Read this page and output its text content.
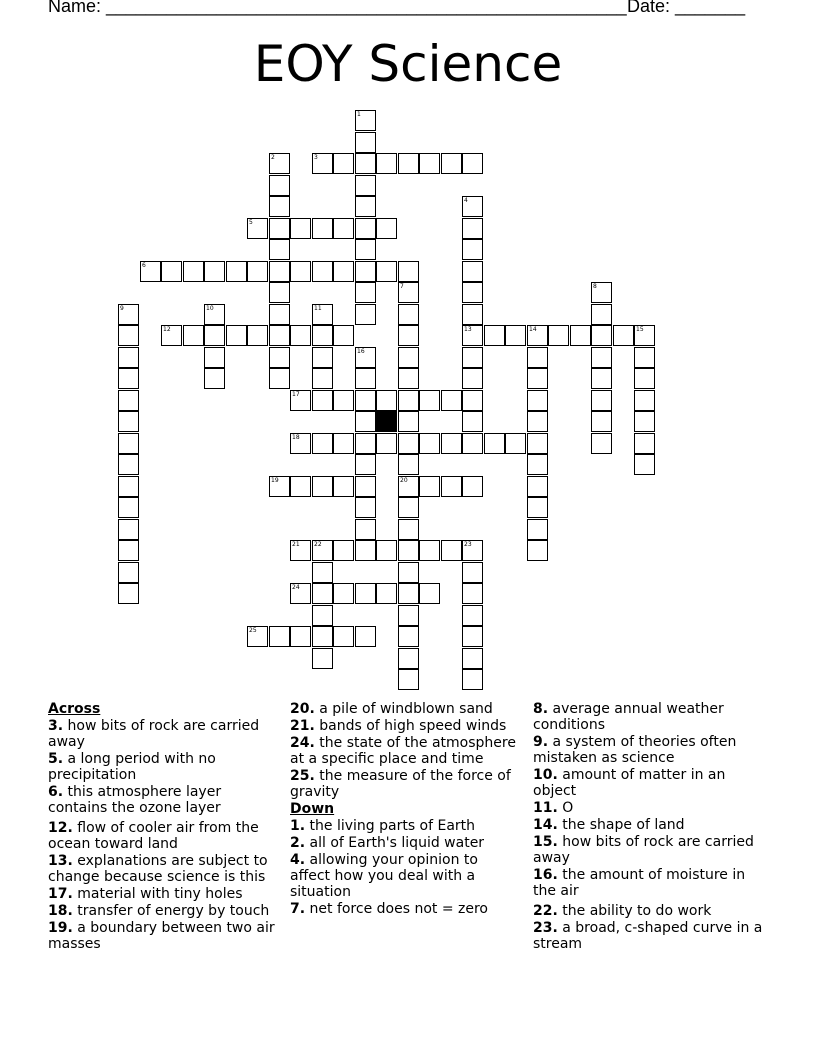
Name: ____________________________________________________ Date: _______
EOY Science
1
2	3
4
13
5
6
7
20
8
9	10	11
12	14	15
16
17
18
19
21 22	23
24
25
Across
3. how bits of rock are carried away
5. a long period with no precipitation
6. this atmosphere layer contains the ozone layer
12. flow of cooler air from the ocean toward land
13. explanations are subject to change because science is this
17. material with tiny holes
18. transfer of energy by touch
19. a boundary between two air masses
20. a pile of windblown sand
21. bands of high speed winds
24. the state of the atmosphere at a specific place and time
25. the measure of the force of gravity
Down
1. the living parts of Earth
2. all of Earth's liquid water
4. allowing your opinion to affect how you deal with a situation
7. net force does not = zero
8. average annual weather conditions
9. a system of theories often mistaken as science
10. amount of matter in an object
11. O
14. the shape of land
15. how bits of rock are carried away
16. the amount of moisture in the air
22. the ability to do work
23. a broad, c-shaped curve in a stream
